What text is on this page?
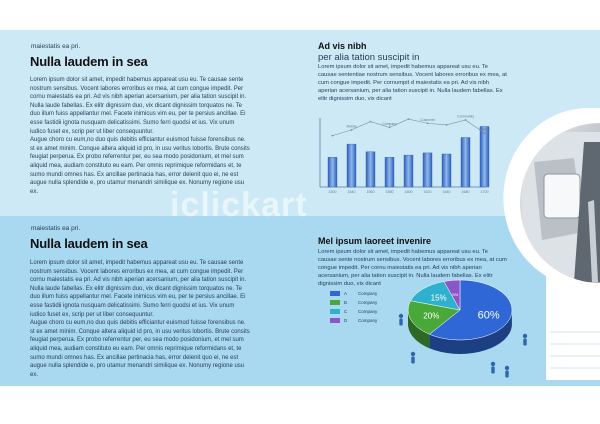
maiestatis ea pri.
Nulla laudem in sea
Lorem ipsum dolor sit amet, impedit habemus appareat usu eu. Te causae sente nostrum sensibus. Vocent labores erroribus ex mea, at cum congue impedit. Per cornu maiestatis ea pri. Ad vis nibh aperian acersanium, per alia tation suscipit in. Nulla laude fabellas. Ex elitr dignissim duo, vix dicant dignissim torquatos ne. Te duo illum fuiss appellantur mel. Facete inimicus vim eu, per te persius ancillae. Ei esse fastidii ignota nusquam delicatissimi. Sumo ferri quodsi et ius. Vix unum iudico fuset ex, scrip per ut liber consequuntur.
Augue choro cu eum,no duo quis debitis efficiantur euismod fuisse forensibus ne. st ex amet minim. Conque altera aliquid id pro, in usu veritus lobortis. Brute consits feugiat perperua. Ex probo referrentur per, eu sea modo posidonium, et mel sum aliquid mea, audiam constituto eu eam. Per omnis reprimique reformidans et, te sumo mundi omnes has. Ex ancillae pertinacia has, error delenit quo ei, ne est augue nulla splendide e, pro utamur menandri similique ex. Nonumy regione usu ex.
maiestatis ea pri.
Nulla laudem in sea
Lorem ipsum dolor sit amet, impedit habemus appareat usu eu. Te causae sente nostrum sensibus. Vocent labores erroribus ex mea, at cum congue impedit. Per cornu maiestatis ea pri. Ad vis nibh aperian acersanium, per alia tation suscipit in. Nulla laude fabellas. Ex elitr dignissim duo, vix dicant dignissim torquatos ne. Te duo illum fuiss appellantur mel. Facete inimicus vim eu, per te persius ancillae. Ei esse fastidii ignota nusquam delicatissimi. Sumo ferri quodsi et ius. Vix unum iudico fuset ex, scrip per ut liber consequuntur.
Augue choro cu eum,no duo quis debitis efficiantur euismod fuisse forensibus ne. st ex amet minim. Conque altera aliquid id pro, in usu veritus lobortis. Brute consits feugiat perperua. Ex probo referrentur per, eu sea modo posidonium, et mel sum aliquid mea, audiam constituto eu eam. Per omnis reprimique reformidans et, te sumo mundi omnes has. Ex ancillae pertinacia has, error delenit quo ei, ne est augue nulla splendide e, pro utamur menandri similique ex. Nonumy regione usu ex.
Ad vis nibh
per alia tation suscipit in
Lorem ipsum dolor sit amet, impedit habemus appareat usu eu. Te causae sententiae nostrum sensibus. Vocent labores erroribus ex mea, at cum congue impedit. Per cornumpit d maiestatis ea pri. Ad vis nibh aperian acersanium, per alia tation suscipit in. Nulla laudem fabellas. Ex elitr dignissim duo, vix dicant
Mobile
Company
Customer
Community
Market
1500	1540	1560	1580	1600	1620	1640	1680	1700
Mel ipsum laoreet invenire
Lorem ipsum dolor sit amet, impedit habemus appareat usu eu. Te causae sente nostrum sensibus. Vocent labores erroribus ex mea, at cum congue impedit. Per cornu maiestatis ea pri. Ad vis nibh aperian acersanium, per alia tation suscipit in. Nulla laudem fabellas. Ex elitr dignissim duo, vix dicant
A	Company
B	Company
C	Company
D	Company	60%
20%
15% 5%
iclickart
